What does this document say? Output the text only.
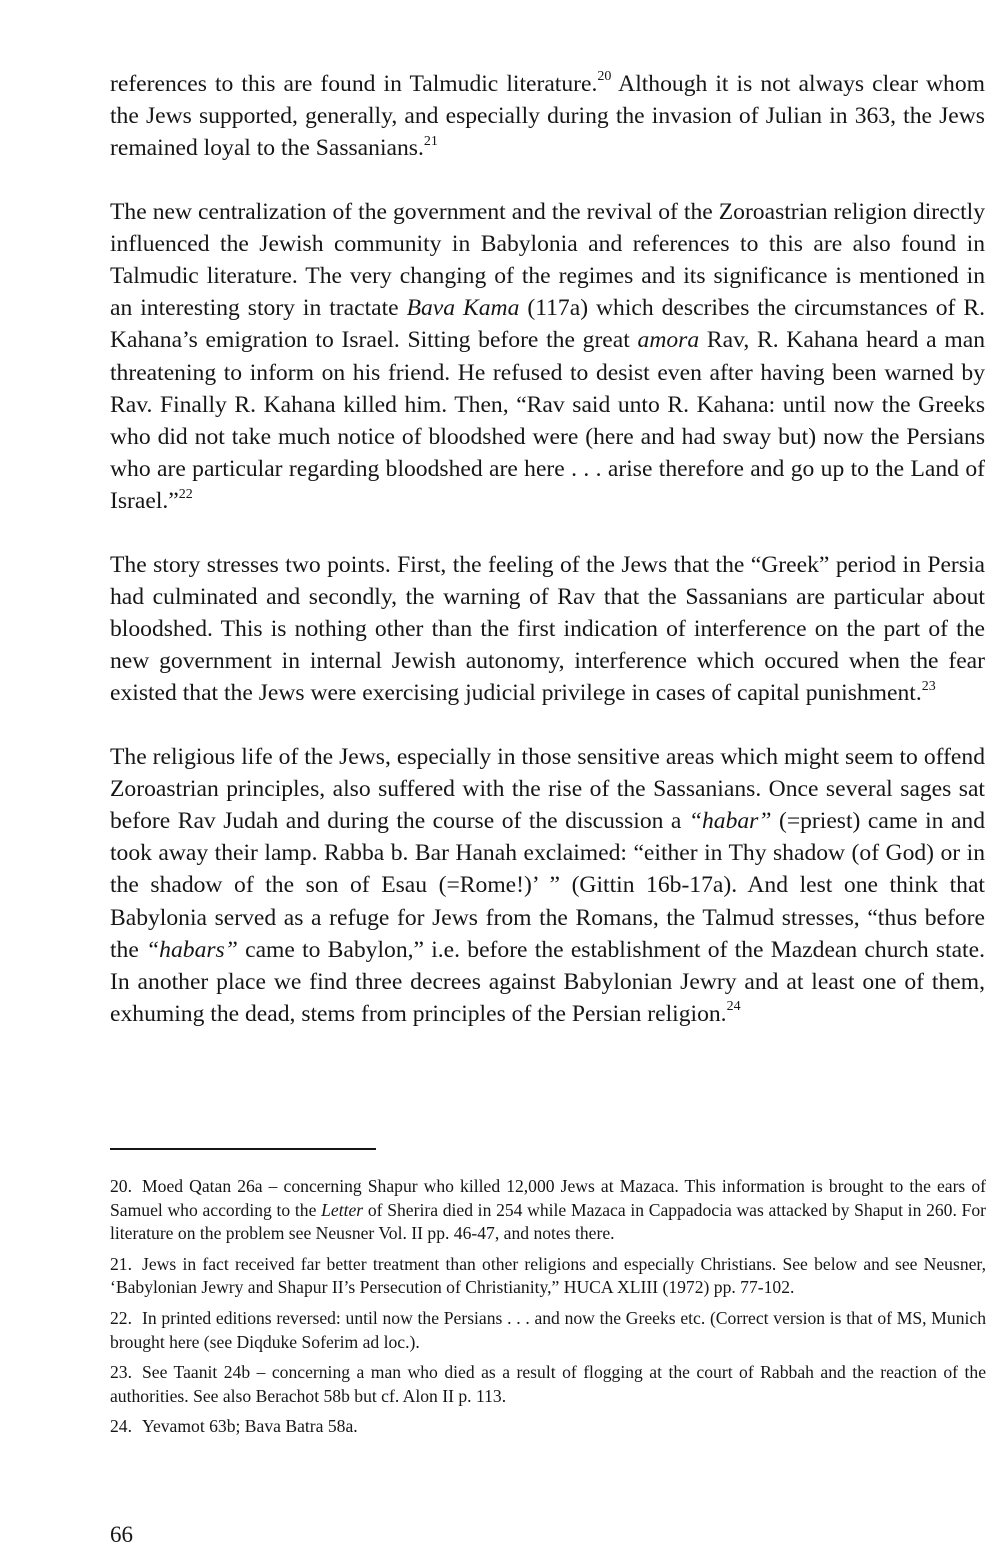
references to this are found in Talmudic literature.$^{20}$ Although it is not always clear whom the Jews supported, generally, and especially during the invasion of Julian in 363, the Jews remained loyal to the Sassanians.$^{21}$

The new centralization of the government and the revival of the Zoroastrian religion directly influenced the Jewish community in Babylonia and references to this are also found in Talmudic literature. The very changing of the regimes and its significance is mentioned in an interesting story in tractate Bava Kama (117a) which describes the circumstances of R. Kahana’s emigration to Israel. Sitting before the great amora Rav, R. Kahana heard a man threatening to inform on his friend. He refused to desist even after having been warned by Rav. Finally R. Kahana killed him. Then, “Rav said unto R. Kahana: until now the Greeks who did not take much notice of bloodshed were (here and had sway but) now the Persians who are particular regarding bloodshed are here . . . arise therefore and go up to the Land of Israel.”$^{22}$

The story stresses two points. First, the feeling of the Jews that the “Greek” period in Persia had culminated and secondly, the warning of Rav that the Sassanians are particular about bloodshed. This is nothing other than the first indication of interference on the part of the new government in internal Jewish autonomy, interference which occured when the fear existed that the Jews were exercising judicial privilege in cases of capital punishment.$^{23}$

The religious life of the Jews, especially in those sensitive areas which might seem to offend Zoroastrian principles, also suffered with the rise of the Sassanians. Once several sages sat before Rav Judah and during the course of the discussion a “habar” (=priest) came in and took away their lamp. Rabba b. Bar Hanah exclaimed: “either in Thy shadow (of God) or in the shadow of the son of Esau (=Rome!)’ ” (Gittin 16b-17a). And lest one think that Babylonia served as a refuge for Jews from the Romans, the Talmud stresses, “thus before the “habars” came to Babylon,” i.e. before the establishment of the Mazdean church state. In another place we find three decrees against Babylonian Jewry and at least one of them, exhuming the dead, stems from principles of the Persian religion.$^{24}$

20. Moed Qatan 26a – concerning Shapur who killed 12,000 Jews at Mazaca. This information is brought to the ears of Samuel who according to the Letter of Sherira died in 254 while Mazaca in Cappadocia was attacked by Shaput in 260. For literature on the problem see Neusner Vol. II pp. 46-47, and notes there.

21. Jews in fact received far better treatment than other religions and especially Christians. See below and see Neusner, ‘Babylonian Jewry and Shapur II’s Persecution of Christianity,” HUCA XLIII (1972) pp. 77-102.

22. In printed editions reversed: until now the Persians . . . and now the Greeks etc. (Correct version is that of MS, Munich brought here (see Diqduke Soferim ad loc.).

23. See Taanit 24b – concerning a man who died as a result of flogging at the court of Rabbah and the reaction of the authorities. See also Berachot 58b but cf. Alon II p. 113.

24. Yevamot 63b; Bava Batra 58a.

66
